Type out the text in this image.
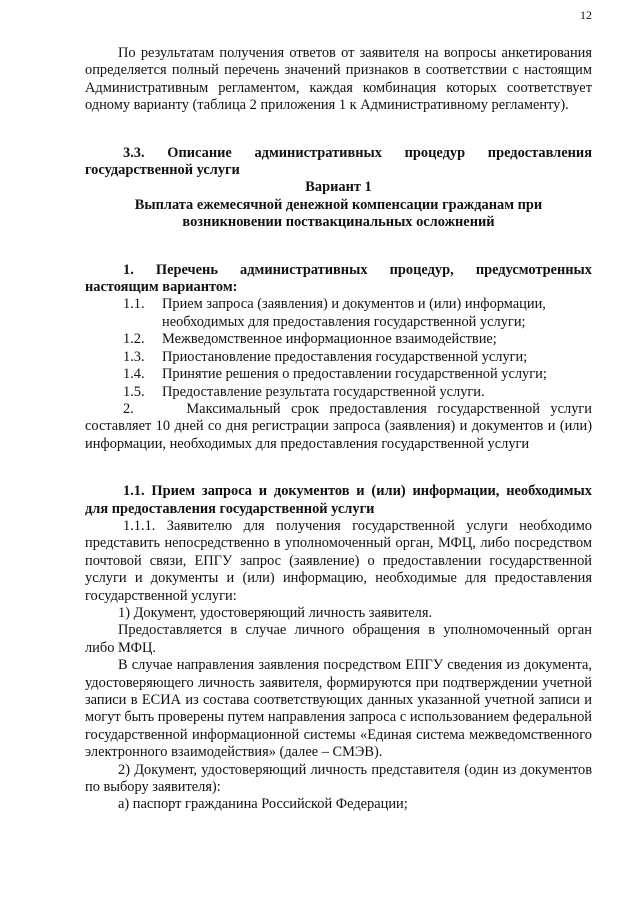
12

По результатам получения ответов от заявителя на вопросы анкетирования определяется полный перечень значений признаков в соответствии с настоящим Административным регламентом, каждая комбинация которых соответствует одному варианту (таблица 2 приложения 1 к Административному регламенту).

3.3. Описание административных процедур предоставления государственной услуги

Вариант 1

Выплата ежемесячной денежной компенсации гражданам при возникновении поствакцинальных осложнений

1. Перечень административных процедур, предусмотренных настоящим вариантом:

1.1.	Прием запроса (заявления) и документов и (или) информации, необходимых для предоставления государственной услуги;
1.2.	Межведомственное информационное взаимодействие;
1.3.	Приостановление предоставления государственной услуги;
1.4.	Принятие решения о предоставлении государственной услуги;
1.5.	Предоставление результата государственной услуги.

2.	Максимальный срок предоставления государственной услуги составляет 10 дней со дня регистрации запроса (заявления) и документов и (или) информации, необходимых для предоставления государственной услуги

1.1. Прием запроса и документов и (или) информации, необходимых для предоставления государственной услуги

1.1.1. Заявителю для получения государственной услуги необходимо представить непосредственно в уполномоченный орган, МФЦ, либо посредством почтовой связи, ЕПГУ запрос (заявление) о предоставлении государственной услуги и документы и (или) информацию, необходимые для предоставления государственной услуги:

1) Документ, удостоверяющий личность заявителя.

Предоставляется в случае личного обращения в уполномоченный орган либо МФЦ.

В случае направления заявления посредством ЕПГУ сведения из документа, удостоверяющего личность заявителя, формируются при подтверждении учетной записи в ЕСИА из состава соответствующих данных указанной учетной записи и могут быть проверены путем направления запроса с использованием федеральной государственной информационной системы «Единая система межведомственного электронного взаимодействия» (далее – СМЭВ).

2) Документ, удостоверяющий личность представителя (один из документов по выбору заявителя):

а) паспорт гражданина Российской Федерации;
